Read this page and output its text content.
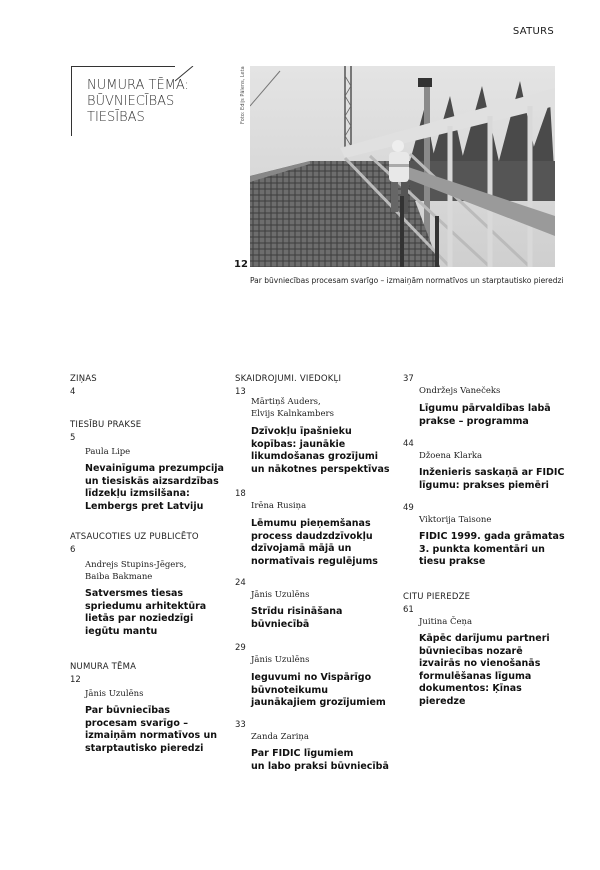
SATURS
NUMURA TĒMA:
BŪVNIECĪBAS
TIESĪBAS	Foto: Edijs Pālens, Leta
12
Par būvniecības procesam svarīgo – izmaiņām normatīvos un starptautisko pieredzi
ZIŅAS
4
TIESĪBU PRAKSE
5
Paula Lipe
Nevainīguma prezumpcija
un tiesiskās aizsardzības
līdzekļu izmsilšana:
Lembergs pret Latviju
ATSAUCOTIES UZ PUBLICĒTO
6
Andrejs Stupins-Jēgers,
Baiba Bakmane
Satversmes tiesas
spriedumu arhitektūra
lietās par noziedzīgi
iegūtu mantu
NUMURA TĒMA
12
Jānis Uzulēns
Par būvniecības
procesam svarīgo –
izmaiņām normatīvos un
starptautisko pieredzi
SKAIDROJUMI. VIEDOKĻI
13
Mārtiņš Auders,
Elvijs Kalnkambers
Dzīvokļu īpašnieku
kopības: jaunākie
likumdošanas grozījumi
un nākotnes perspektīvas
18
Irēna Rusiņa
Lēmumu pieņemšanas
process daudzdzīvokļu
dzīvojamā mājā un
normatīvais regulējums
24
Jānis Uzulēns
Strīdu risināšana
būvniecībā
29
Jānis Uzulēns
Ieguvumi no Vispārīgo
būvnoteikumu
jaunākajiem grozījumiem
33
Zanda Zariņa
Par FIDIC līgumiem
un labo praksi būvniecībā
37
Ondržejs Vanečeks
Līgumu pārvaldības labā
prakse – programma
44
Džoena Klarka
Inženieris saskaņā ar FIDIC
līgumu: prakses piemēri
49
Viktorija Taisone
FIDIC 1999. gada grāmatas
3. punkta komentāri un
tiesu prakse
CITU PIEREDZE
61
Juitina Čeņa
Kāpēc darījumu partneri
būvniecības nozarē
izvairās no vienošanās
formulēšanas līguma
dokumentos: Ķīnas
pieredze
